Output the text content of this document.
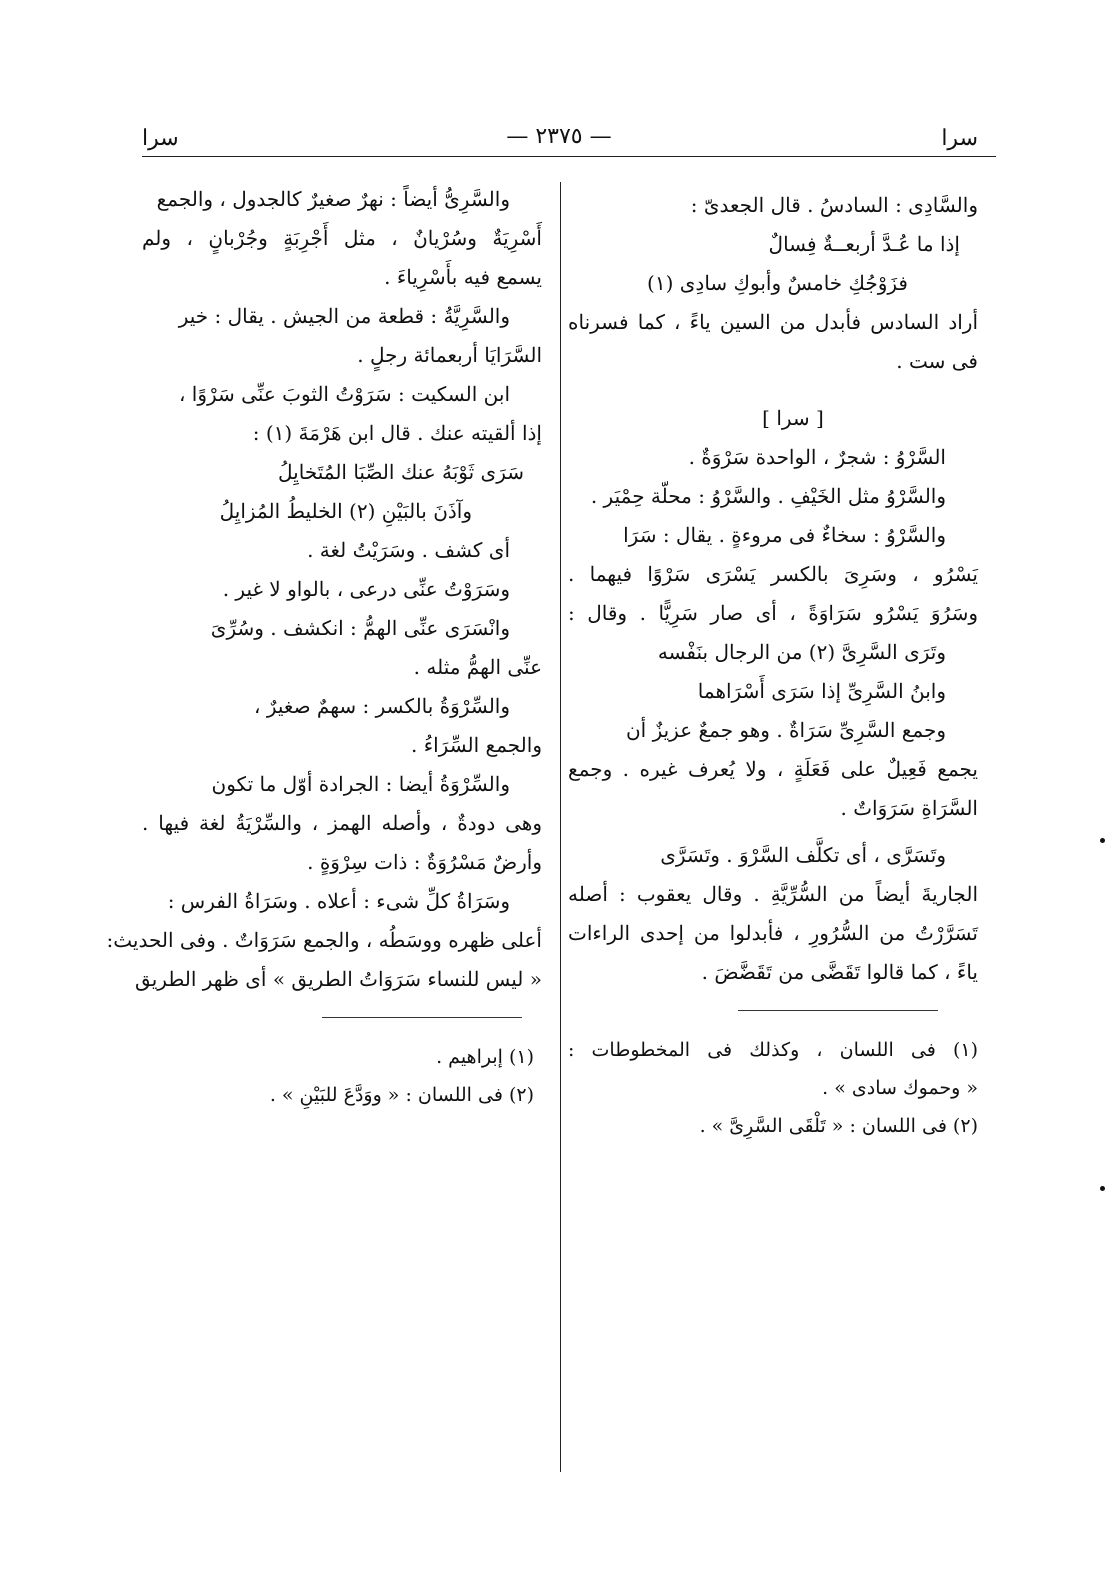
سرا
— ٢٣٧٥ —
سرا
والسَّادِى : السادسُ . قال الجعدىّ :
إذا ما عُـدَّ أربعــةٌ فِسالٌ
فزَوْجُكِ خامسٌ وأبوكِ سادِى (١)
أراد السادس فأبدل من السين ياءً ، كما فسرناه
فى ست .
[ سرا ]
السَّرْوُ : شجرٌ ، الواحدة سَرْوَةٌ .
والسَّرْوُ مثل الخَيْفِ . والسَّرْوُ : محلّة حِمْيَر .
والسَّرْوُ : سخاءٌ فى مروءةٍ . يقال : سَرَا
يَسْرُو ، وسَرِىَ بالكسر يَسْرَى سَرْوًا فيهما .
وسَرُوَ يَسْرُو سَرَاوَةً ، أى صار سَرِيًّا . وقال :
وتَرَى السَّرِىَّ (٢) من الرجال بنَفْسه
وابنُ السَّرِىِّ إذا سَرَى أَسْرَاهما
وجمع السَّرِىِّ سَرَاةٌ . وهو جمعٌ عزيزٌ أن
يجمع فَعِيلٌ على فَعَلَةٍ ، ولا يُعرف غيره . وجمع
السَّرَاةِ سَرَوَاتٌ .
وتَسَرَّى ، أى تكلَّف السَّرْوَ . وتَسَرَّى
الجاريةَ أيضاً من السُّرِّيَّةِ . وقال يعقوب : أصله
تَسَرَّرْتُ من السُّرُورِ ، فأبدلوا من إحدى الراءات
ياءً ، كما قالوا تَقَضَّى من تَقَضَّضَ .
(١) فى اللسان ، وكذلك فى المخطوطات :
« وحموك سادى » .
(٢) فى اللسان : « تَلْقَى السَّرِىَّ » .
والسَّرِىُّ أيضاً : نهرٌ صغيرٌ كالجدول ، والجمع
أَسْرِيَةٌ وسُرْيانٌ ، مثل أَجْرِبَةٍ وجُرْبانٍ ، ولم
يسمع فيه بأَسْرِياءَ .
والسَّرِيَّةُ : قطعة من الجيش . يقال : خير
السَّرَايَا أربعمائة رجلٍ .
ابن السكيت : سَرَوْتُ الثوبَ عنِّى سَرْوًا ،
إذا ألقيته عنك . قال ابن هَرْمَةَ (١) :
سَرَى ثَوْبَهُ عنك الصِّبَا المُتَخايِلُ
وآذَنَ بالبَيْنِ (٢) الخليطُ المُزايِلُ
أى كشف . وسَرَيْتُ لغة .
وسَرَوْتُ عنِّى درعى ، بالواو لا غير .
وانْسَرَى عنِّى الهمُّ : انكشف . وسُرِّىَ
عنِّى الهمُّ مثله .
والسِّرْوَةُ بالكسر : سهمٌ صغيرٌ ،
والجمع السِّرَاءُ .
والسِّرْوَةُ أيضا : الجرادة أوّل ما تكون
وهى دودةٌ ، وأصله الهمز ، والسِّرْيَةُ لغة فيها .
وأرضٌ مَسْرُوَةٌ : ذات سِرْوَةٍ .
وسَرَاةُ كلِّ شىء : أعلاه . وسَرَاةُ الفرس :
أعلى ظهره ووسَطُه ، والجمع سَرَوَاتٌ . وفى الحديث:
« ليس للنساء سَرَوَاتُ الطريق » أى ظهر الطريق
(١) إبراهيم .
(٢) فى اللسان : « ووَدَّعَ للبَيْنِ » .
